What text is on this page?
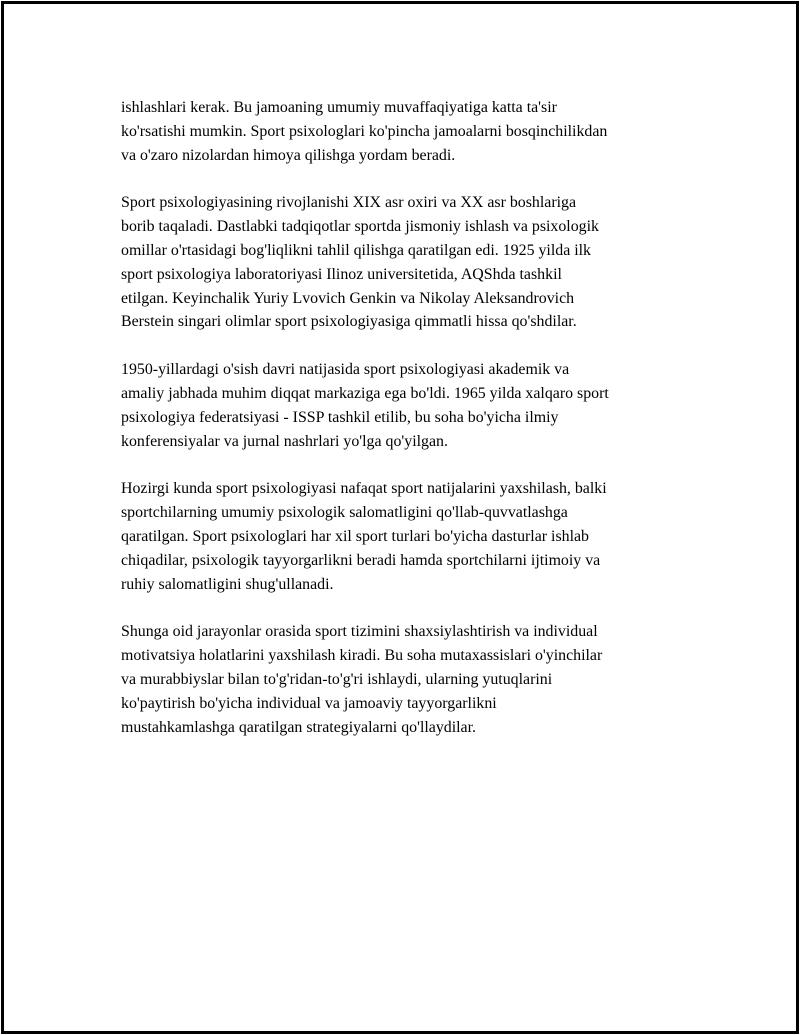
ishlashlari kerak. Bu jamoaning umumiy muvaffaqiyatiga katta ta'sir
ko'rsatishi mumkin. Sport psixologlari ko'pincha jamoalarni bosqinchilikdan
va o'zaro nizolardan himoya qilishga yordam beradi.

Sport psixologiyasining rivojlanishi XIX asr oxiri va XX asr boshlariga
borib taqaladi. Dastlabki tadqiqotlar sportda jismoniy ishlash va psixologik
omillar o'rtasidagi bog'liqlikni tahlil qilishga qaratilgan edi. 1925 yilda ilk
sport psixologiya laboratoriyasi Ilinoz universitetida, AQShda tashkil
etilgan. Keyinchalik Yuriy Lvovich Genkin va Nikolay Aleksandrovich
Berstein singari olimlar sport psixologiyasiga qimmatli hissa qo'shdilar.

1950-yillardagi o'sish davri natijasida sport psixologiyasi akademik va
amaliy jabhada muhim diqqat markaziga ega bo'ldi. 1965 yilda xalqaro sport
psixologiya federatsiyasi - ISSP tashkil etilib, bu soha bo'yicha ilmiy
konferensiyalar va jurnal nashrlari yo'lga qo'yilgan.

Hozirgi kunda sport psixologiyasi nafaqat sport natijalarini yaxshilash, balki
sportchilarning umumiy psixologik salomatligini qo'llab-quvvatlashga
qaratilgan. Sport psixologlari har xil sport turlari bo'yicha dasturlar ishlab
chiqadilar, psixologik tayyorgarlikni beradi hamda sportchilarni ijtimoiy va
ruhiy salomatligini shug'ullanadi.

Shunga oid jarayonlar orasida sport tizimini shaxsiylashtirish va individual
motivatsiya holatlarini yaxshilash kiradi. Bu soha mutaxassislari o'yinchilar
va murabbiyslar bilan to'g'ridan-to'g'ri ishlaydi, ularning yutuqlarini
ko'paytirish bo'yicha individual va jamoaviy tayyorgarlikni
mustahkamlashga qaratilgan strategiyalarni qo'llaydilar.
